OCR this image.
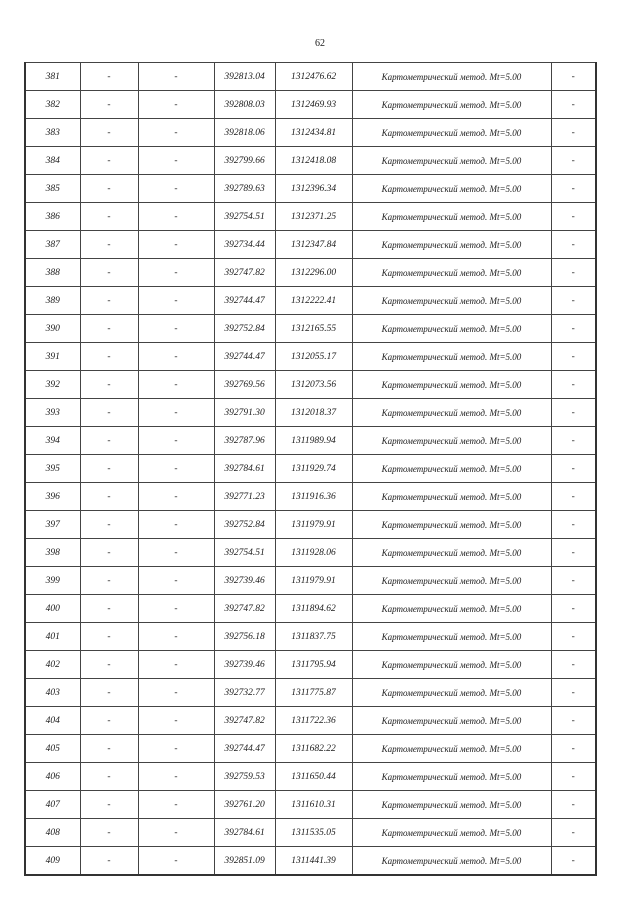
62
381	-	-	392813.04	1312476.62	Картометрический метод. Mt=5.00	-
382	-	-	392808.03	1312469.93	Картометрический метод. Mt=5.00	-
383	-	-	392818.06	1312434.81	Картометрический метод. Mt=5.00	-
384	-	-	392799.66	1312418.08	Картометрический метод. Mt=5.00	-
385	-	-	392789.63	1312396.34	Картометрический метод. Mt=5.00	-
386	-	-	392754.51	1312371.25	Картометрический метод. Mt=5.00	-
387	-	-	392734.44	1312347.84	Картометрический метод. Mt=5.00	-
388	-	-	392747.82	1312296.00	Картометрический метод. Mt=5.00	-
389	-	-	392744.47	1312222.41	Картометрический метод. Mt=5.00	-
390	-	-	392752.84	1312165.55	Картометрический метод. Mt=5.00	-
391	-	-	392744.47	1312055.17	Картометрический метод. Mt=5.00	-
392	-	-	392769.56	1312073.56	Картометрический метод. Mt=5.00	-
393	-	-	392791.30	1312018.37	Картометрический метод. Mt=5.00	-
394	-	-	392787.96	1311989.94	Картометрический метод. Mt=5.00	-
395	-	-	392784.61	1311929.74	Картометрический метод. Mt=5.00	-
396	-	-	392771.23	1311916.36	Картометрический метод. Mt=5.00	-
397	-	-	392752.84	1311979.91	Картометрический метод. Mt=5.00	-
398	-	-	392754.51	1311928.06	Картометрический метод. Mt=5.00	-
399	-	-	392739.46	1311979.91	Картометрический метод. Mt=5.00	-
400	-	-	392747.82	1311894.62	Картометрический метод. Mt=5.00	-
401	-	-	392756.18	1311837.75	Картометрический метод. Mt=5.00	-
402	-	-	392739.46	1311795.94	Картометрический метод. Mt=5.00	-
403	-	-	392732.77	1311775.87	Картометрический метод. Mt=5.00	-
404	-	-	392747.82	1311722.36	Картометрический метод. Mt=5.00	-
405	-	-	392744.47	1311682.22	Картометрический метод. Mt=5.00	-
406	-	-	392759.53	1311650.44	Картометрический метод. Mt=5.00	-
407	-	-	392761.20	1311610.31	Картометрический метод. Mt=5.00	-
408	-	-	392784.61	1311535.05	Картометрический метод. Mt=5.00	-
409	-	-	392851.09	1311441.39	Картометрический метод. Mt=5.00	-
